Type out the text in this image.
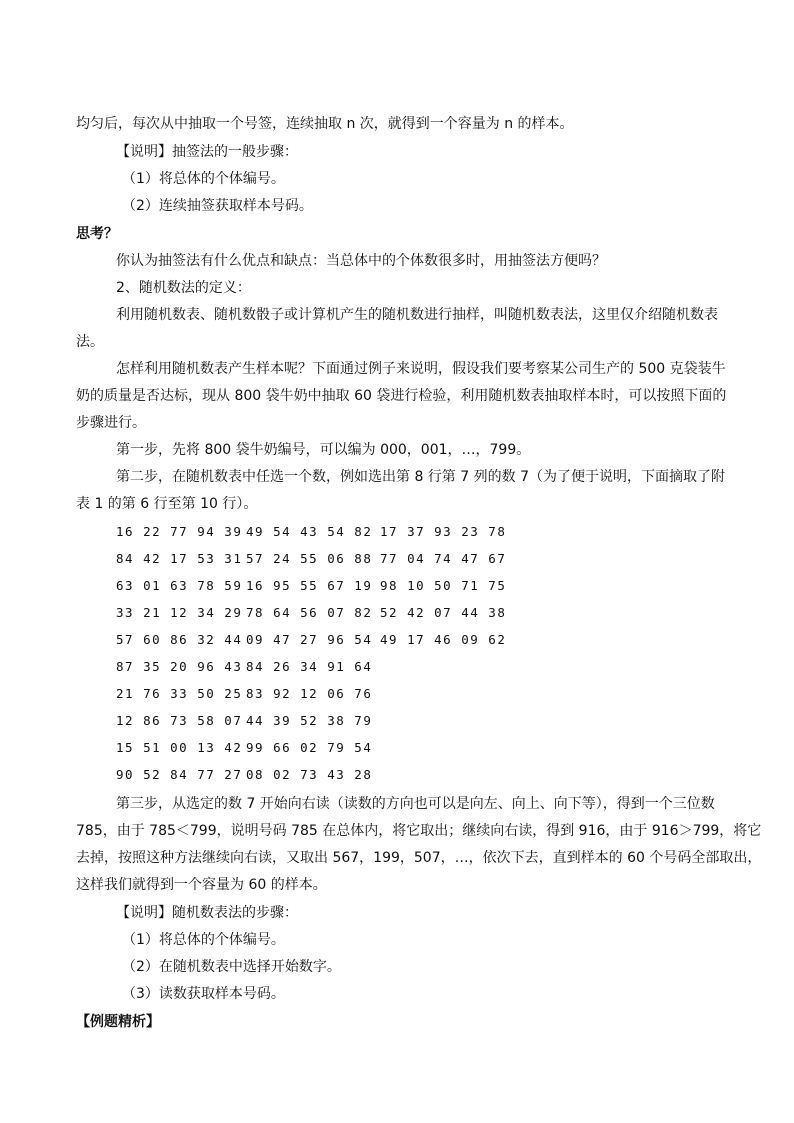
均匀后，每次从中抽取一个号签，连续抽取 n 次，就得到一个容量为 n 的样本。
【说明】抽签法的一般步骤：
（1）将总体的个体编号。
（2）连续抽签获取样本号码。
思考？
你认为抽签法有什么优点和缺点：当总体中的个体数很多时，用抽签法方便吗？
2、随机数法的定义：
利用随机数表、随机数骰子或计算机产生的随机数进行抽样，叫随机数表法，这里仅介绍随机数表
法。
怎样利用随机数表产生样本呢？下面通过例子来说明，假设我们要考察某公司生产的 500 克袋装牛
奶的质量是否达标，现从 800 袋牛奶中抽取 60 袋进行检验，利用随机数表抽取样本时，可以按照下面的
步骤进行。
第一步，先将 800 袋牛奶编号，可以编为 000，001，…，799。
第二步，在随机数表中任选一个数，例如选出第 8 行第 7 列的数 7（为了便于说明，下面摘取了附
表 1 的第 6 行至第 10 行）。
16 22 77 94 39 49 54 43 54 82 17 37 93 23 78
84 42 17 53 31 57 24 55 06 88 77 04 74 47 67
63 01 63 78 59 16 95 55 67 19 98 10 50 71 75
33 21 12 34 29 78 64 56 07 82 52 42 07 44 38
57 60 86 32 44 09 47 27 96 54 49 17 46 09 62
87 35 20 96 43 84 26 34 91 64
21 76 33 50 25 83 92 12 06 76
12 86 73 58 07 44 39 52 38 79
15 51 00 13 42 99 66 02 79 54
90 52 84 77 27 08 02 73 43 28
第三步，从选定的数 7 开始向右读（读数的方向也可以是向左、向上、向下等），得到一个三位数
785，由于 785＜799，说明号码 785 在总体内，将它取出；继续向右读，得到 916，由于 916＞799，将它
去掉，按照这种方法继续向右读，又取出 567，199，507，…，依次下去，直到样本的 60 个号码全部取出，
这样我们就得到一个容量为 60 的样本。
【说明】随机数表法的步骤：
（1）将总体的个体编号。
（2）在随机数表中选择开始数字。
（3）读数获取样本号码。
【例题精析】
